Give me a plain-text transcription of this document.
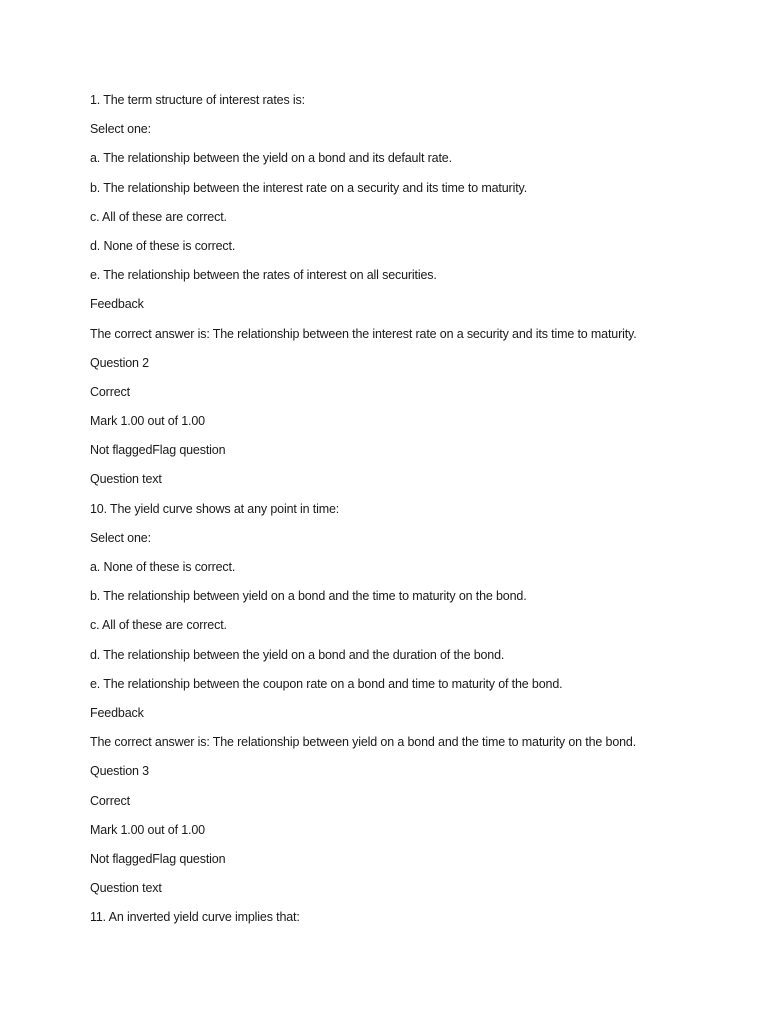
1. The term structure of interest rates is:
Select one:
a. The relationship between the yield on a bond and its default rate.
b. The relationship between the interest rate on a security and its time to maturity.
c. All of these are correct.
d. None of these is correct.
e. The relationship between the rates of interest on all securities.
Feedback
The correct answer is: The relationship between the interest rate on a security and its time to maturity.
Question 2
Correct
Mark 1.00 out of 1.00
Not flaggedFlag question
Question text
10. The yield curve shows at any point in time:
Select one:
a. None of these is correct.
b. The relationship between yield on a bond and the time to maturity on the bond.
c. All of these are correct.
d. The relationship between the yield on a bond and the duration of the bond.
e. The relationship between the coupon rate on a bond and time to maturity of the bond.
Feedback
The correct answer is: The relationship between yield on a bond and the time to maturity on the bond.
Question 3
Correct
Mark 1.00 out of 1.00
Not flaggedFlag question
Question text
11. An inverted yield curve implies that:
